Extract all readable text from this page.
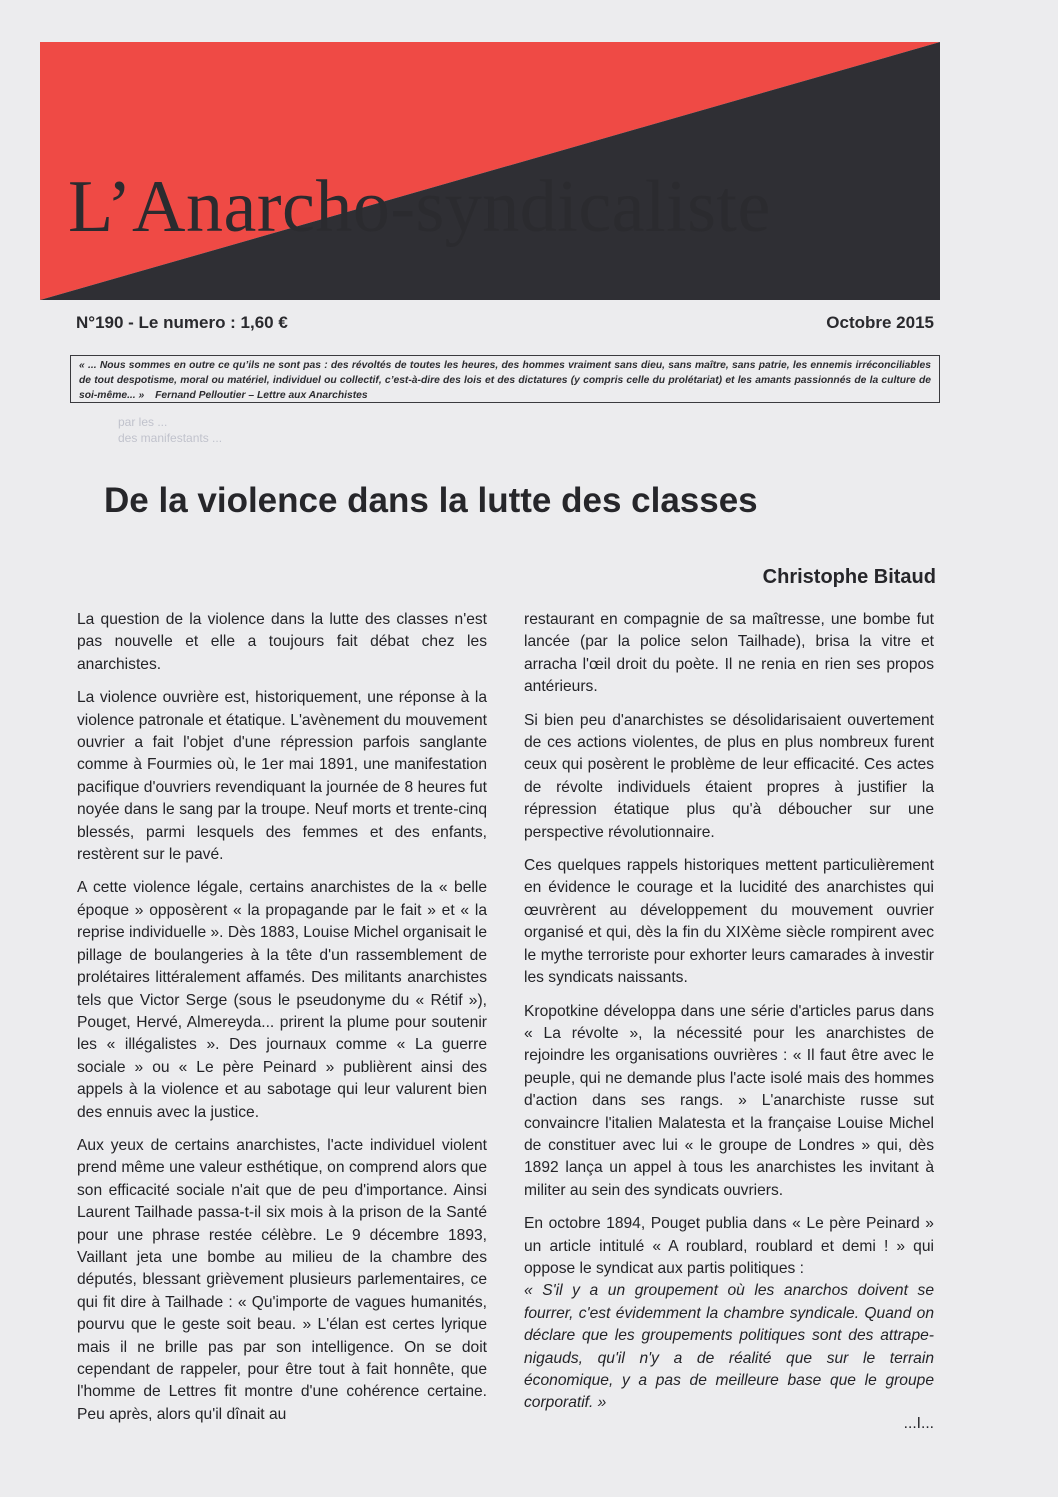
L’Anarcho-syndicaliste
N°190 - Le numero : 1,60 €	Octobre 2015
« ... Nous sommes en outre ce qu’ils ne sont pas : des révoltés de toutes les heures, des hommes vraiment sans dieu, sans maître, sans patrie, les ennemis irréconciliables de tout despotisme, moral ou matériel, individuel ou collectif, c’est-à-dire des lois et des dictatures (y compris celle du prolétariat) et les amants passionnés de la culture de soi-même... » Fernand Pelloutier – Lettre aux Anarchistes
par les ...
des manifestants ...
De la violence dans la lutte des classes
Christophe Bitaud

La question de la violence dans la lutte des classes n'est pas nouvelle et elle a toujours fait débat chez les anarchistes.

La violence ouvrière est, historiquement, une réponse à la violence patronale et étatique. L'avènement du mouvement ouvrier a fait l'objet d'une répression parfois sanglante comme à Fourmies où, le 1er mai 1891, une manifestation pacifique d'ouvriers revendiquant la journée de 8 heures fut noyée dans le sang par la troupe. Neuf morts et trente-cinq blessés, parmi lesquels des femmes et des enfants, restèrent sur le pavé.

A cette violence légale, certains anarchistes de la « belle époque » opposèrent « la propagande par le fait » et « la reprise individuelle ». Dès 1883, Louise Michel organisait le pillage de boulangeries à la tête d'un rassemblement de prolétaires littéralement affamés. Des militants anarchistes tels que Victor Serge (sous le pseudonyme du « Rétif »), Pouget, Hervé, Almereyda... prirent la plume pour soutenir les « illégalistes ». Des journaux comme « La guerre sociale » ou « Le père Peinard » publièrent ainsi des appels à la violence et au sabotage qui leur valurent bien des ennuis avec la justice.

Aux yeux de certains anarchistes, l'acte individuel violent prend même une valeur esthétique, on comprend alors que son efficacité sociale n'ait que de peu d'importance. Ainsi Laurent Tailhade passa-t-il six mois à la prison de la Santé pour une phrase restée célèbre. Le 9 décembre 1893, Vaillant jeta une bombe au milieu de la chambre des députés, blessant grièvement plusieurs parlementaires, ce qui fit dire à Tailhade : « Qu'importe de vagues humanités, pourvu que le geste soit beau. » L'élan est certes lyrique mais il ne brille pas par son intelligence. On se doit cependant de rappeler, pour être tout à fait honnête, que l'homme de Lettres fit montre d'une cohérence certaine. Peu après, alors qu'il dînait au

restaurant en compagnie de sa maîtresse, une bombe fut lancée (par la police selon Tailhade), brisa la vitre et arracha l'œil droit du poète. Il ne renia en rien ses propos antérieurs.

Si bien peu d'anarchistes se désolidarisaient ouvertement de ces actions violentes, de plus en plus nombreux furent ceux qui posèrent le problème de leur efficacité. Ces actes de révolte individuels étaient propres à justifier la répression étatique plus qu'à déboucher sur une perspective révolutionnaire.

Ces quelques rappels historiques mettent particulièrement en évidence le courage et la lucidité des anarchistes qui œuvrèrent au développement du mouvement ouvrier organisé et qui, dès la fin du XIXème siècle rompirent avec le mythe terroriste pour exhorter leurs camarades à investir les syndicats naissants.

Kropotkine développa dans une série d'articles parus dans « La révolte », la nécessité pour les anarchistes de rejoindre les organisations ouvrières : « Il faut être avec le peuple, qui ne demande plus l'acte isolé mais des hommes d'action dans ses rangs. » L'anarchiste russe sut convaincre l'italien Malatesta et la française Louise Michel de constituer avec lui « le groupe de Londres » qui, dès 1892 lança un appel à tous les anarchistes les invitant à militer au sein des syndicats ouvriers.

En octobre 1894, Pouget publia dans « Le père Peinard » un article intitulé « A roublard, roublard et demi ! » qui oppose le syndicat aux partis politiques :

« S'il y a un groupement où les anarchos doivent se fourrer, c'est évidemment la chambre syndicale. Quand on déclare que les groupements politiques sont des attrape-nigauds, qu'il n'y a de réalité que sur le terrain économique, y a pas de meilleure base que le groupe corporatif. »

...I...
